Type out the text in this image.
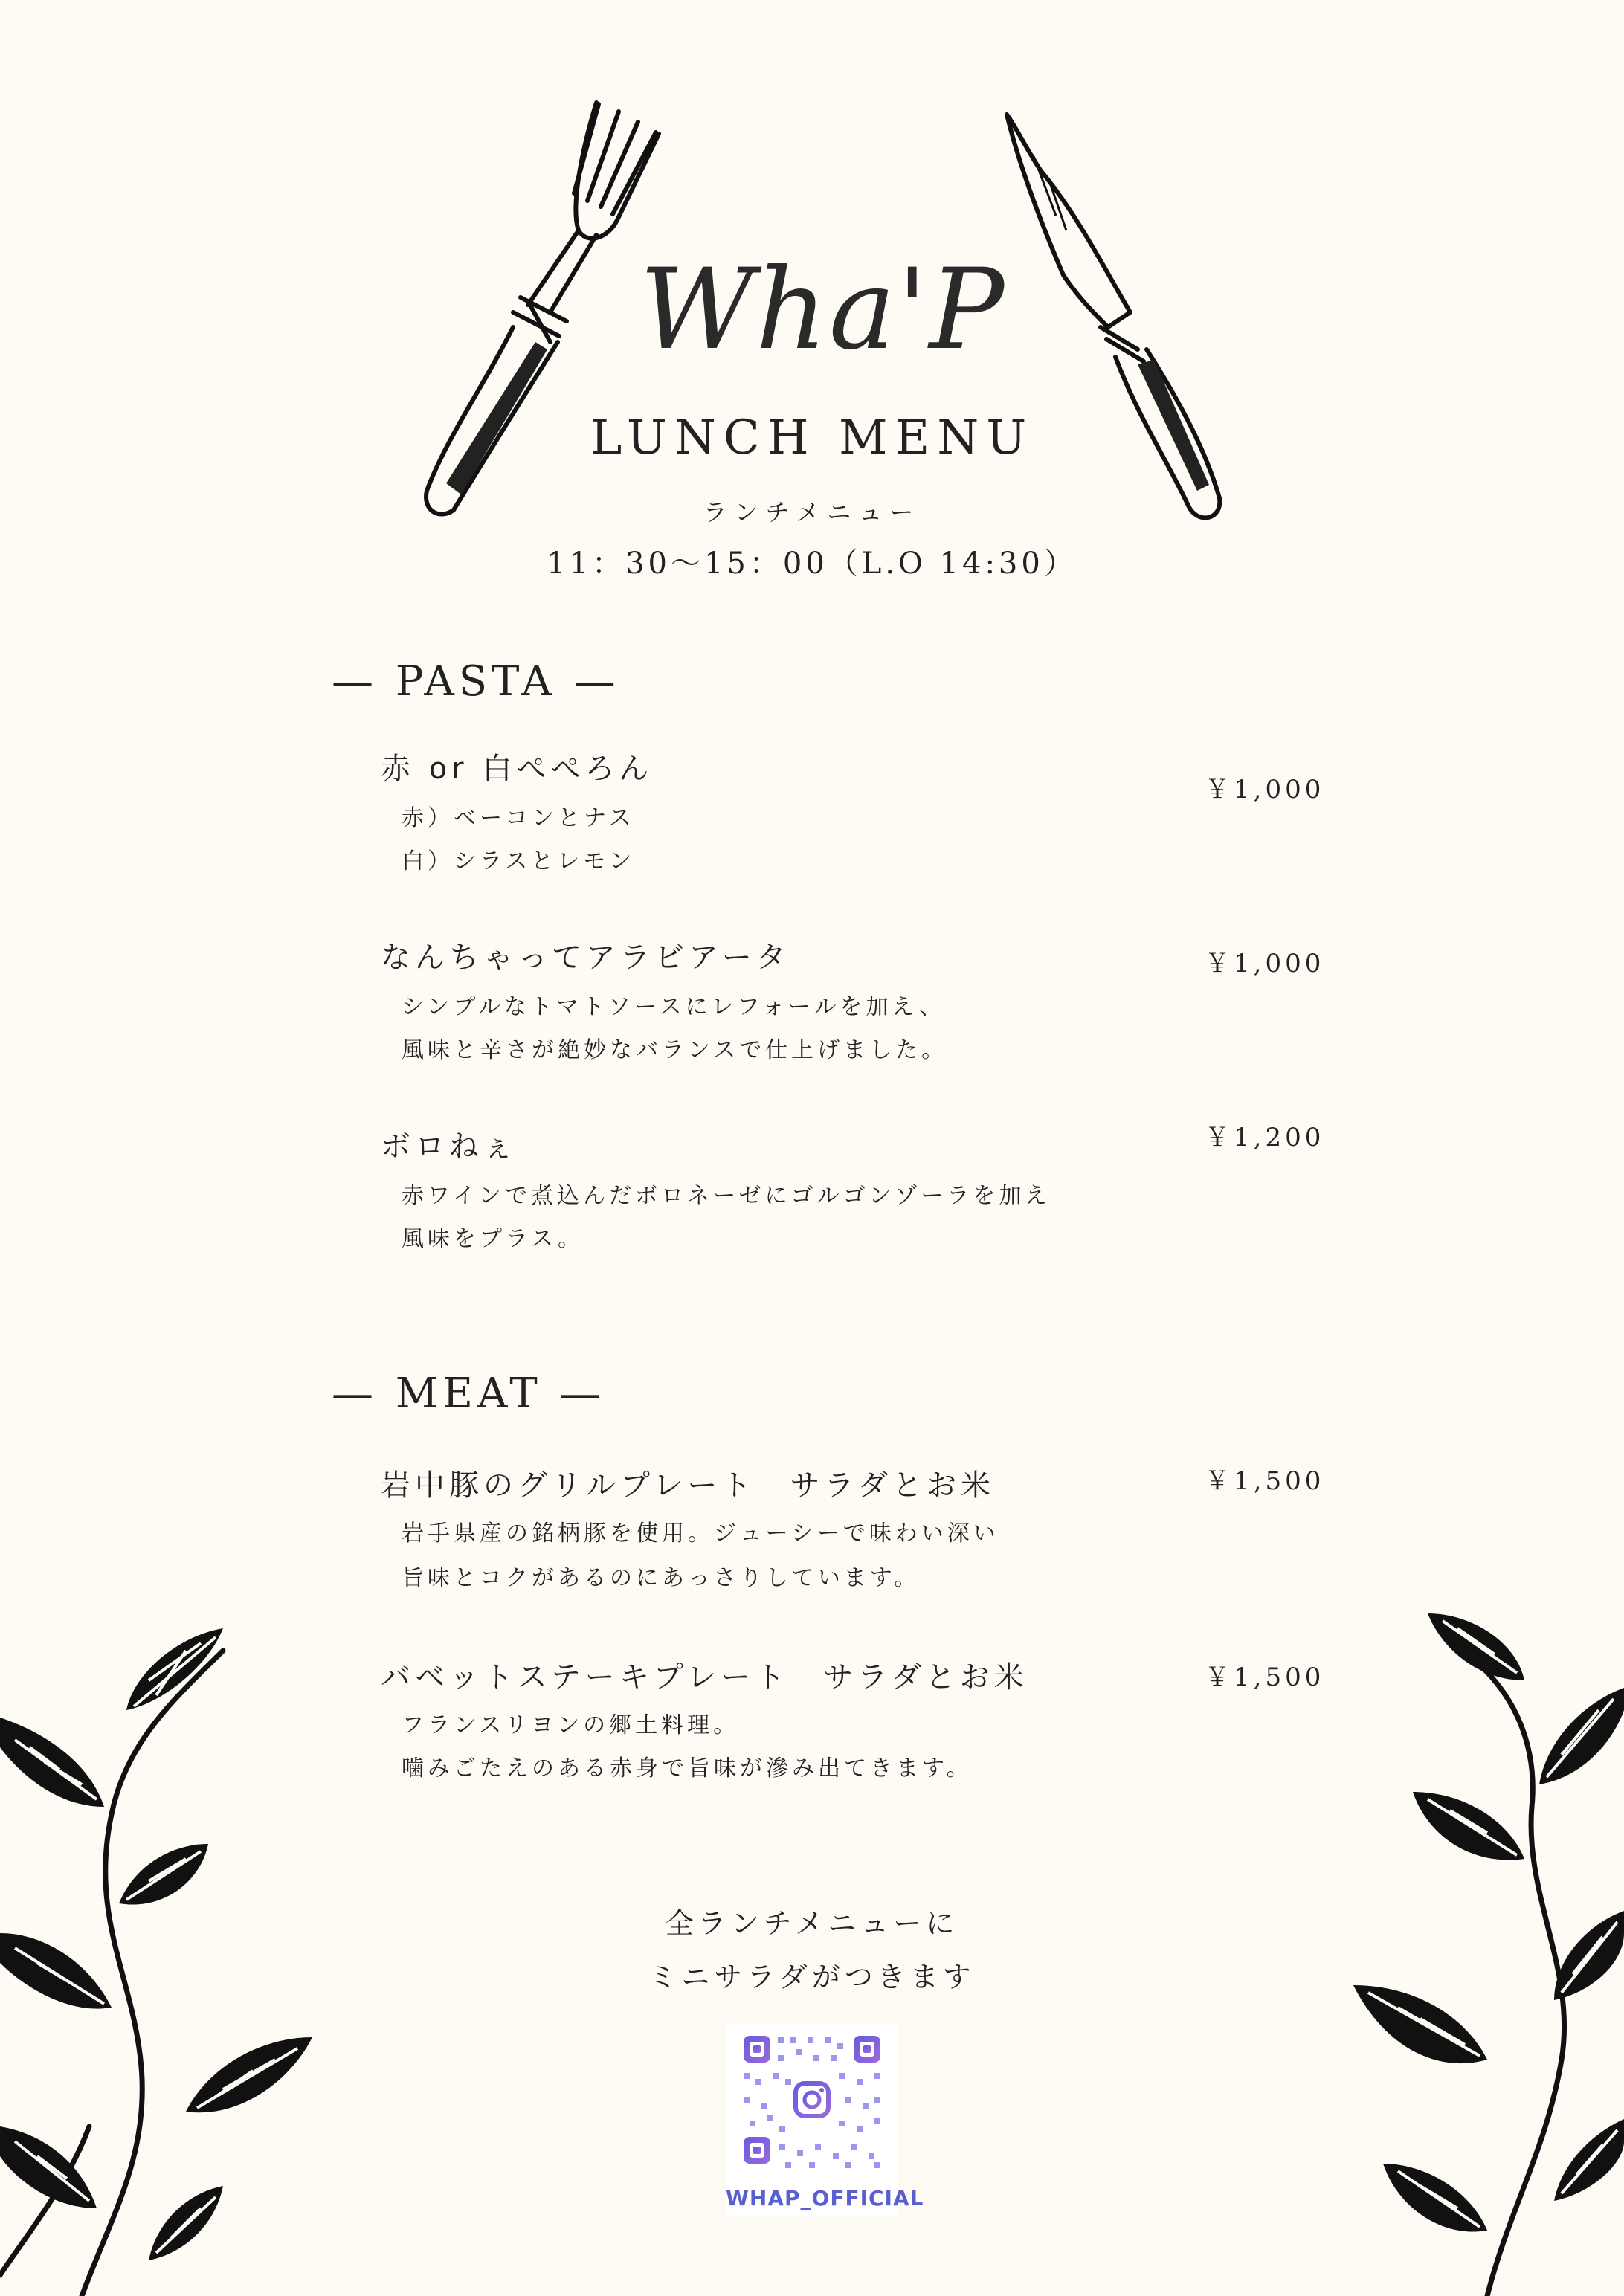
Wha'P
LUNCH MENU
ランチメニュー
11：30〜15：00（L.O 14:30）
— PASTA —
赤 or 白ぺぺろん
￥1,000
赤）ベーコンとナス
白）シラスとレモン
なんちゃってアラビアータ	￥1,000
シンプルなトマトソースにレフォールを加え、
風味と辛さが絶妙なバランスで仕上げました。
ボロねぇ	￥1,200
赤ワインで煮込んだボロネーゼにゴルゴンゾーラを加え
風味をプラス。
— MEAT —
岩中豚のグリルプレート　サラダとお米	￥1,500
岩手県産の銘柄豚を使用。ジューシーで味わい深い
旨味とコクがあるのにあっさりしています。
バベットステーキプレート　サラダとお米	￥1,500
フランスリヨンの郷土料理。
噛みごたえのある赤身で旨味が滲み出てきます。
全ランチメニューに
ミニサラダがつきます
WHAP_OFFICIAL
